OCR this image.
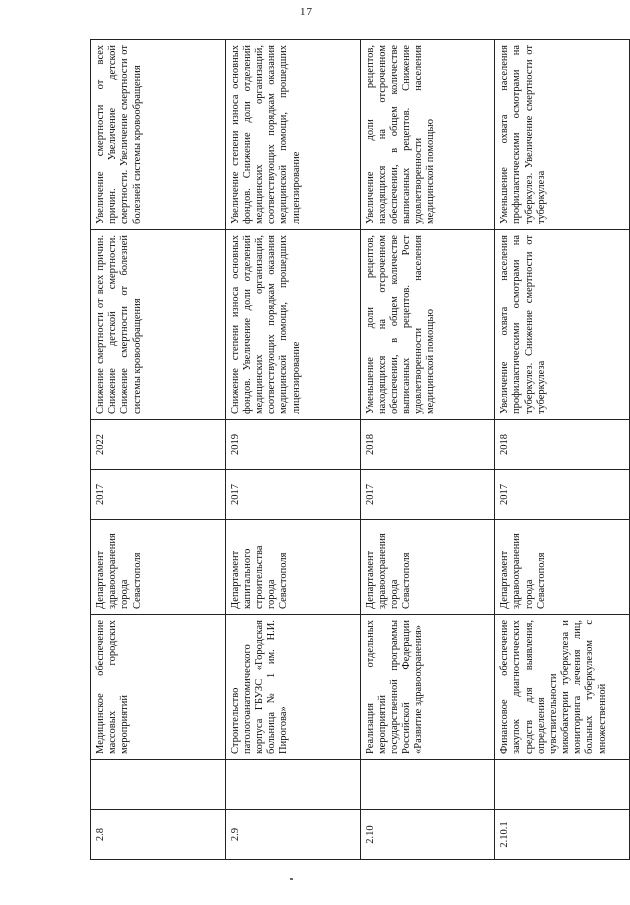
17
2.8		Медицинское обеспечение массовых городских мероприятий	Департамент здравоохранения города Севастополя	2017	2022	Снижение смертности от всех причин. Снижение детской смертности. Снижение смертности от болезней системы кровообращения	Увеличение смертности от всех причин. Увеличение детской смертности. Увеличение смертности от болезней системы кровообращения
2.9		Строительство патологоанатомического корпуса ГБУЗС «Городская больница № 1 им. Н.И. Пирогова»	Департамент капитального строительства города Севастополя	2017	2019	Снижение степени износа основных фондов. Увеличение доли отделений медицинских организаций, соответствующих порядкам оказания медицинской помощи, прошедших лицензирование	Увеличение степени износа основных фондов. Снижение доли отделений медицинских организаций, соответствующих порядкам оказания медицинской помощи, прошедших лицензирование
2.10		Реализация отдельных мероприятий государственной программы Российской Федерации «Развитие здравоохранения»	Департамент здравоохранения города Севастополя	2017	2018	Уменьшение доли рецептов, находящихся на отсроченном обеспечении, в общем количестве выписанных рецептов. Рост удовлетворенности населения медицинской помощью	Увеличение доли рецептов, находящихся на отсроченном обеспечении, в общем количестве выписанных рецептов. Снижение удовлетворенности населения медицинской помощью
2.10.1		Финансовое обеспечение закупок диагностических средств для выявления, определения чувствительности микобактерии туберкулеза и мониторинга лечения лиц, больных туберкулезом с множественной	Департамент здравоохранения города Севастополя	2017	2018	Увеличение охвата населения профилактическими осмотрами на туберкулез. Снижение смертности от туберкулеза	Уменьшение охвата населения профилактическими осмотрами на туберкулез. Увеличение смертности от туберкулеза
